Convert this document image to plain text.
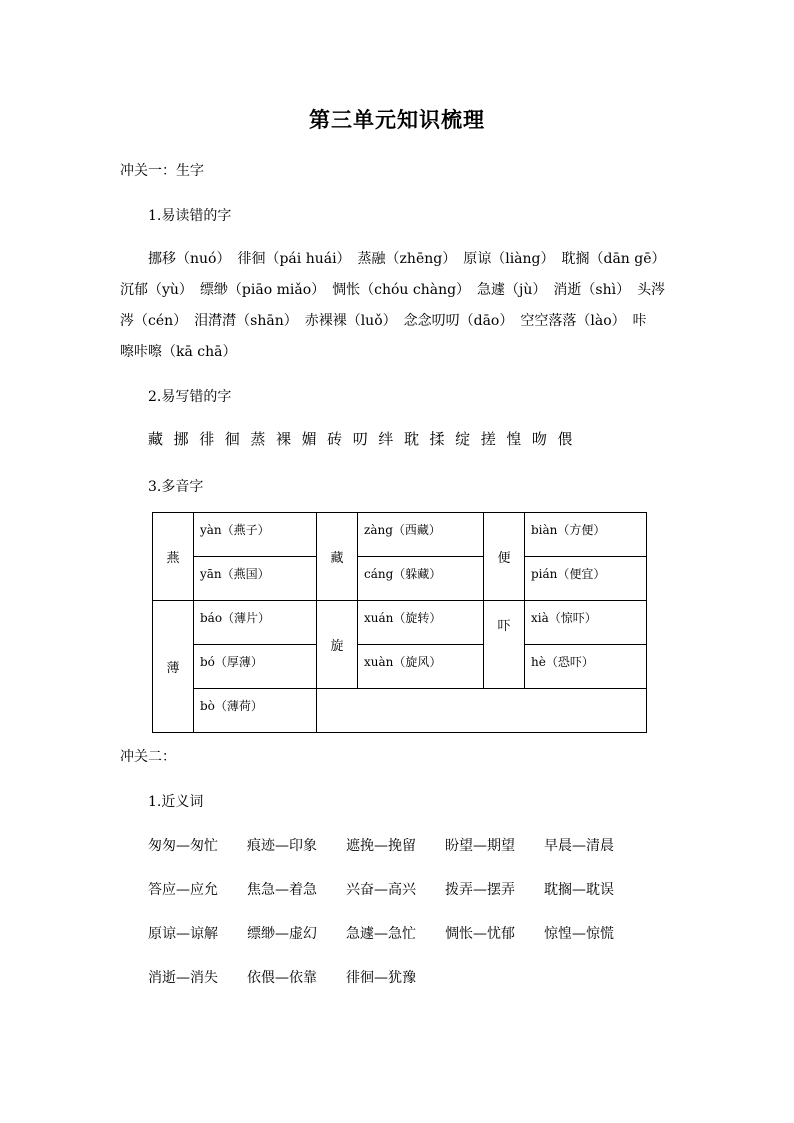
第三单元知识梳理
冲关一：生字
1.易读错的字
挪移（nuó）　徘徊（pái huái）　蒸融（zhēng）　原谅（liàng）　耽搁（dān gē）
沉郁（yù）　缥缈（piāo miǎo）　惆怅（chóu chàng）　急遽（jù）　消逝（shì）　头涔
涔（cén）　泪潸潸（shān）　赤裸裸（luǒ）　念念叨叨（dāo）　空空落落（lào）　咔
嚓咔嚓（kā chā）
2.易写错的字
藏 挪 徘 徊 蒸 裸 媚 砖 叨 绊 耽 揉 绽 搓 惶 吻 偎
3.多音字
燕	yàn（燕子）	藏	zàng（西藏）	便	biàn（方便）
	yān（燕国）		cáng（躲藏）		pián（便宜）
薄	báo（薄片）	旋	xuán（旋转）	吓	xià（惊吓）
	bó（厚薄）		xuàn（旋风）		hè（恐吓）
	bò（薄荷）				
冲关二：
1.近义词
匆匆—匆忙 痕迹—印象 遮挽—挽留 盼望—期望 早晨—清晨
答应—应允 焦急—着急 兴奋—高兴 拨弄—摆弄 耽搁—耽误
原谅—谅解 缥缈—虚幻 急遽—急忙 惆怅—忧郁 惊惶—惊慌
消逝—消失 依偎—依靠 徘徊—犹豫
